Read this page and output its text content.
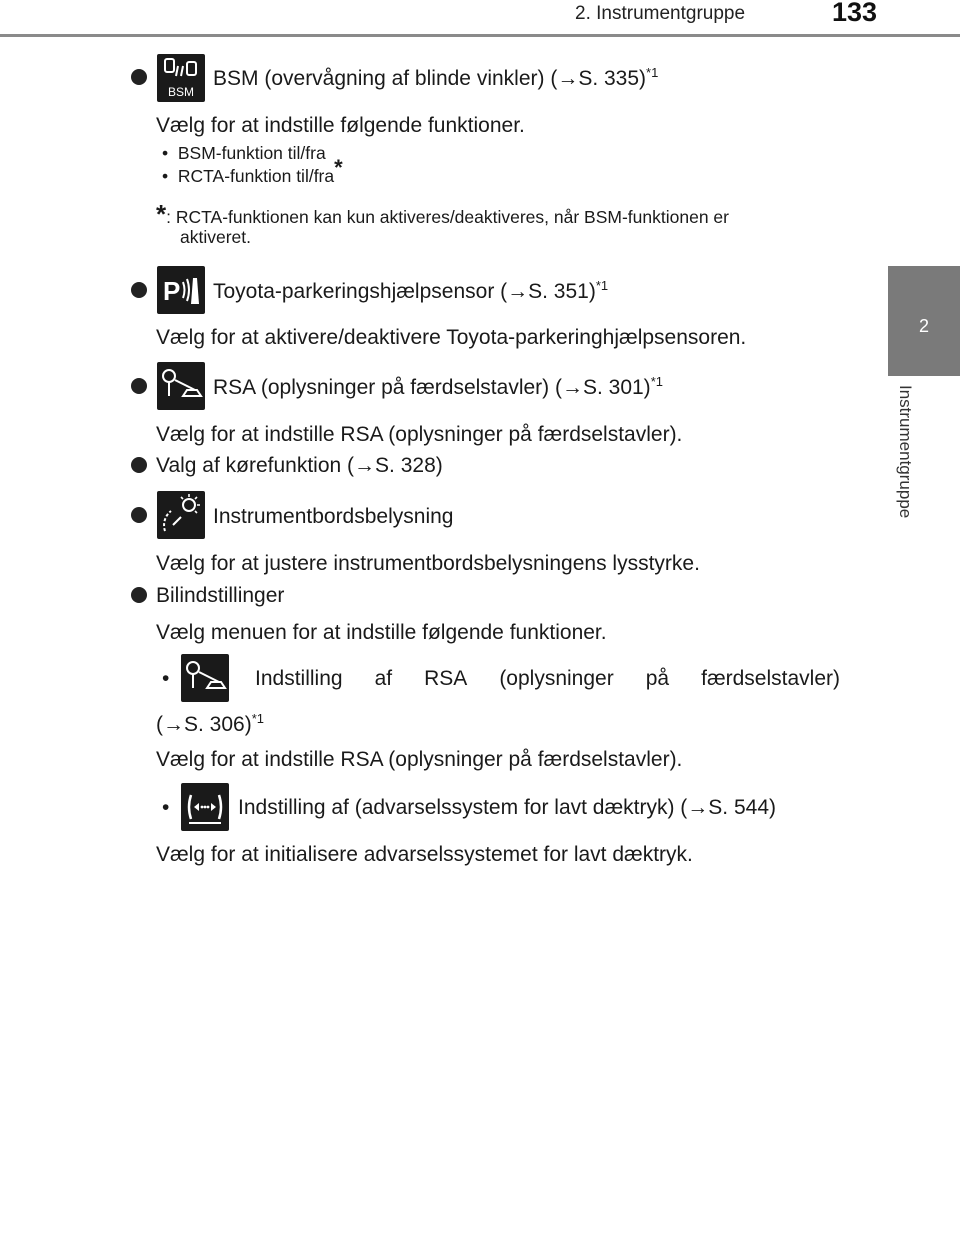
2. Instrumentgruppe	133
2
Instrumentgruppe
BSM
BSM (overvågning af blinde vinkler) (→S. 335)$^{*1}$
Vælg for at indstille følgende funktioner.
• BSM-funktion til/fra
• RCTA-funktion til/fra*
*: RCTA-funktionen kan kun aktiveres/deaktiveres, når BSM-funktionen er
aktiveret.
P Toyota-parkeringshjælpsensor (→S. 351)$^{*1}$
Vælg for at aktivere/deaktivere Toyota-parkeringhjælpsensoren.
RSA (oplysninger på færdselstavler) (→S. 301)$^{*1}$
Vælg for at indstille RSA (oplysninger på færdselstavler).
Valg af kørefunktion (→S. 328)
Instrumentbordsbelysning
Vælg for at justere instrumentbordsbelysningens lysstyrke.
Bilindstillinger
Vælg menuen for at indstille følgende funktioner.
•	Indstilling af RSA (oplysninger på færdselstavler)
(→S. 306)$^{*1}$
Vælg for at indstille RSA (oplysninger på færdselstavler).
•	Indstilling af (advarselssystem for lavt dæktryk) (→S. 544)
Vælg for at initialisere advarselssystemet for lavt dæktryk.
